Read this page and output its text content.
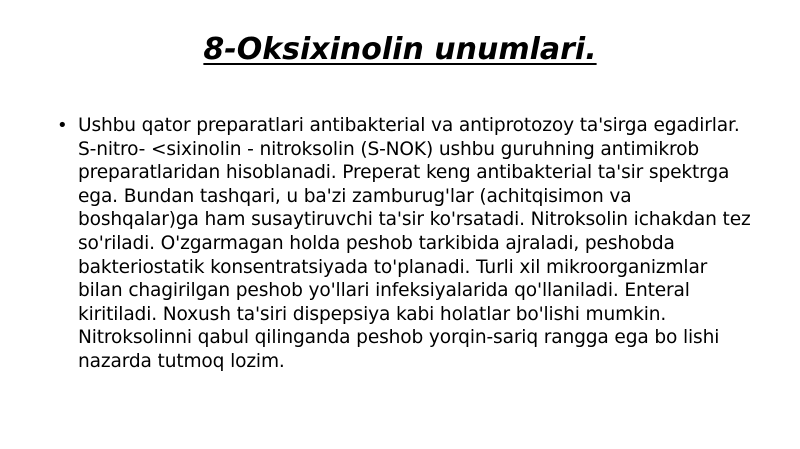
8-Oksixinolin unumlari.
• Ushbu qator preparatlari antibakterial va antiprotozoy ta'sirga egadirlar. S-nitro- <sixinolin - nitroksolin (S-NOK) ushbu guruhning antimikrob preparatlaridan hisoblanadi. Preperat keng antibakterial ta'sir spektrga ega. Bundan tashqari, u ba'zi zamburug'lar (achitqisimon va boshqalar)ga ham susaytiruvchi ta'sir ko'rsatadi. Nitroksolin ichakdan tez so'riladi. O'zgarmagan holda peshob tarkibida ajraladi, peshobda bakteriostatik konsentratsiyada to'planadi. Turli xil mikroorganizmlar bilan chagirilgan peshob yo'llari infeksiyalarida qo'llaniladi. Enteral kiritiladi. Noxush ta'siri dispepsiya kabi holatlar bo'lishi mumkin. Nitroksolinni qabul qilinganda peshob yorqin-sariq rangga ega bo lishi nazarda tutmoq lozim.
